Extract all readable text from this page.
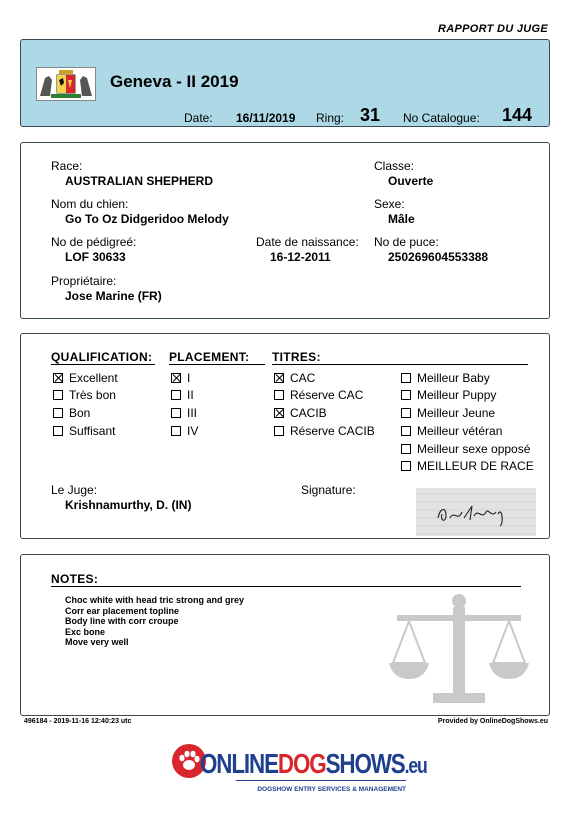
RAPPORT DU JUGE
Geneva - II 2019
Date: 16/11/2019 Ring: 31 No Catalogue: 144
Race:
AUSTRALIAN SHEPHERD
Classe:
Ouverte
Nom du chien:
Go To Oz Didgeridoo Melody
Sexe:
Mâle
No de pédigreé:
LOF 30633
Date de naissance:
16-12-2011
No de puce:
250269604553388
Propriétaire:
Jose Marine (FR)
QUALIFICATION: PLACEMENT: TITRES:
Excellent
Très bon
Bon
Suffisant
I
II
III
IV
CAC
Réserve CAC
CACIB
Réserve CACIB
Meilleur Baby
Meilleur Puppy
Meilleur Jeune
Meilleur vétéran
Meilleur sexe opposé
MEILLEUR DE RACE
Le Juge:
Krishnamurthy, D. (IN)
Signature:
NOTES:
Choc white with head tric strong and grey
Corr ear placement topline
Body line with corr croupe
Exc bone
Move very well
496184 - 2019-11-16 12:40:23 utc	Provided by OnlineDogShows.eu
ONLINEDOGSHOWS.eu
DOGSHOW ENTRY SERVICES & MANAGEMENT
